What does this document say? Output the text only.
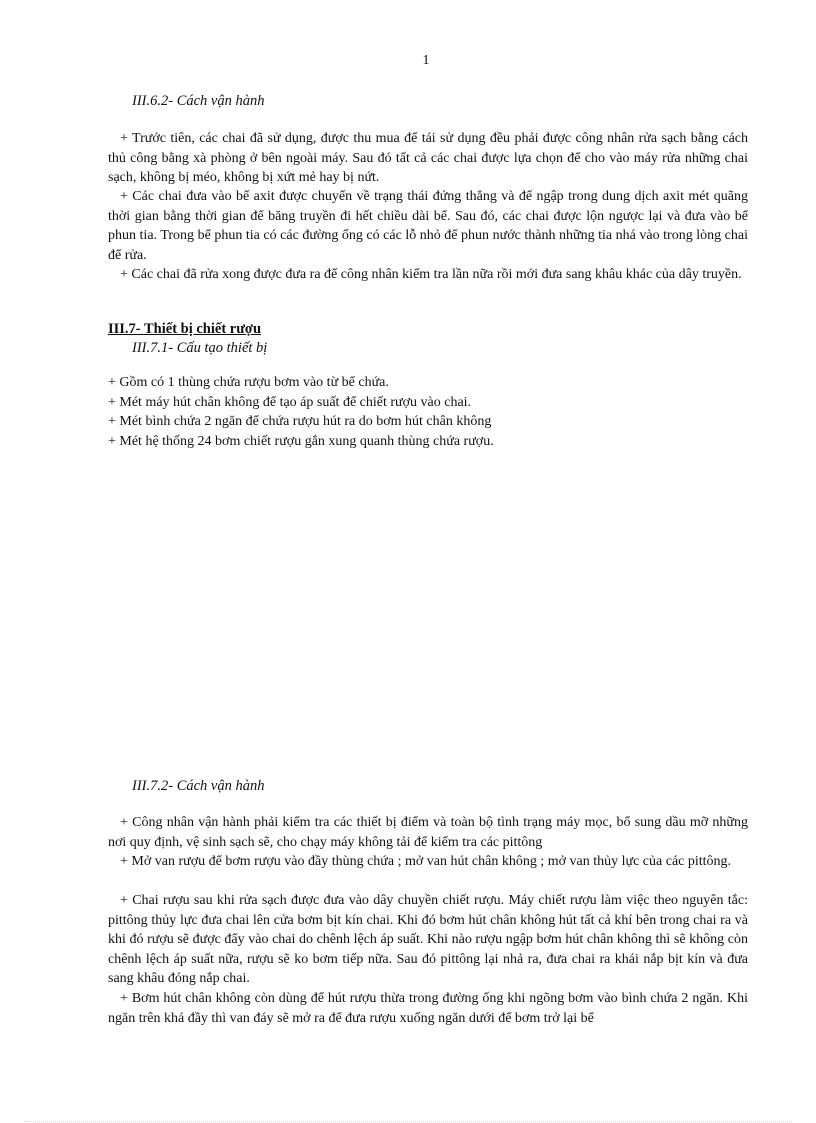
1
III.6.2- Cách vận hành
+ Trước tiên, các chai đã sử dụng, được thu mua để tái sử dụng đều phải được công nhân rửa sạch bằng cách thủ công bằng xà phòng ở bên ngoài máy. Sau đó tất cả các chai được lựa chọn để cho vào máy rửa những chai sạch, không bị méo, không bị xứt mẻ hay bị nứt.
+ Các chai đưa vào bể axit được chuyển về trạng thái đứng thẳng và để ngập trong dung dịch axit mét quãng thời gian bằng thời gian để băng truyền đi hết chiều dài bể. Sau đó, các chai được lộn ngược lại và đưa vào bể phun tia. Trong bể phun tia có các đường ống có các lỗ nhỏ để phun nước thành những tia nhá vào trong lòng chai để rửa.
+ Các chai đã rửa xong được đưa ra để công nhân kiểm tra lần nữa rồi mới đưa sang khâu khác của dây truyền.
III.7- Thiết bị chiết rượu
III.7.1- Cấu tạo thiết bị
+ Gồm có 1 thùng chứa rượu bơm vào từ bể chứa.
+ Mét máy hút chân không để tạo áp suất để chiết rượu vào chai.
+ Mét bình chứa 2 ngăn để chứa rượu hút ra do bơm hút chân không
+ Mét hệ thống 24 bơm chiết rượu gắn xung quanh thùng chứa rượu.
III.7.2- Cách vận hành
+ Công nhân vận hành phải kiểm tra các thiết bị điểm và toàn bộ tình trạng máy mọc, bổ sung dầu mỡ những nơi quy định, vệ sinh sạch sẽ, cho chạy máy không tải để kiểm tra các pittông
+ Mở van rượu để bơm rượu vào đầy thùng chứa ; mở van hút chân không ; mở van thủy lực của các pittông.
+ Chai rượu sau khi rửa sạch được đưa vào dây chuyền chiết rượu. Máy chiết rượu làm việc theo nguyên tắc: pittông thủy lực đưa chai lên cửa bơm bịt kín chai. Khi đó bơm hút chân không hút tất cả khí bên trong chai ra và khi đó rượu sẽ được đẩy vào chai do chênh lệch áp suất. Khi nào rượu ngập bơm hút chân không thì sẽ không còn chênh lệch áp suất nữa, rượu sẽ ko bơm tiếp nữa. Sau đó pittông lại nhả ra, đưa chai ra khái nắp bịt kín và đưa sang khâu đóng nắp chai.
+ Bơm hút chân không còn dùng để hút rượu thừa trong đường ống khi ngõng bơm vào bình chứa 2 ngăn. Khi ngăn trên khá đầy thì van đáy sẽ mở ra để đưa rượu xuống ngăn dưới để bơm trở lại bể
